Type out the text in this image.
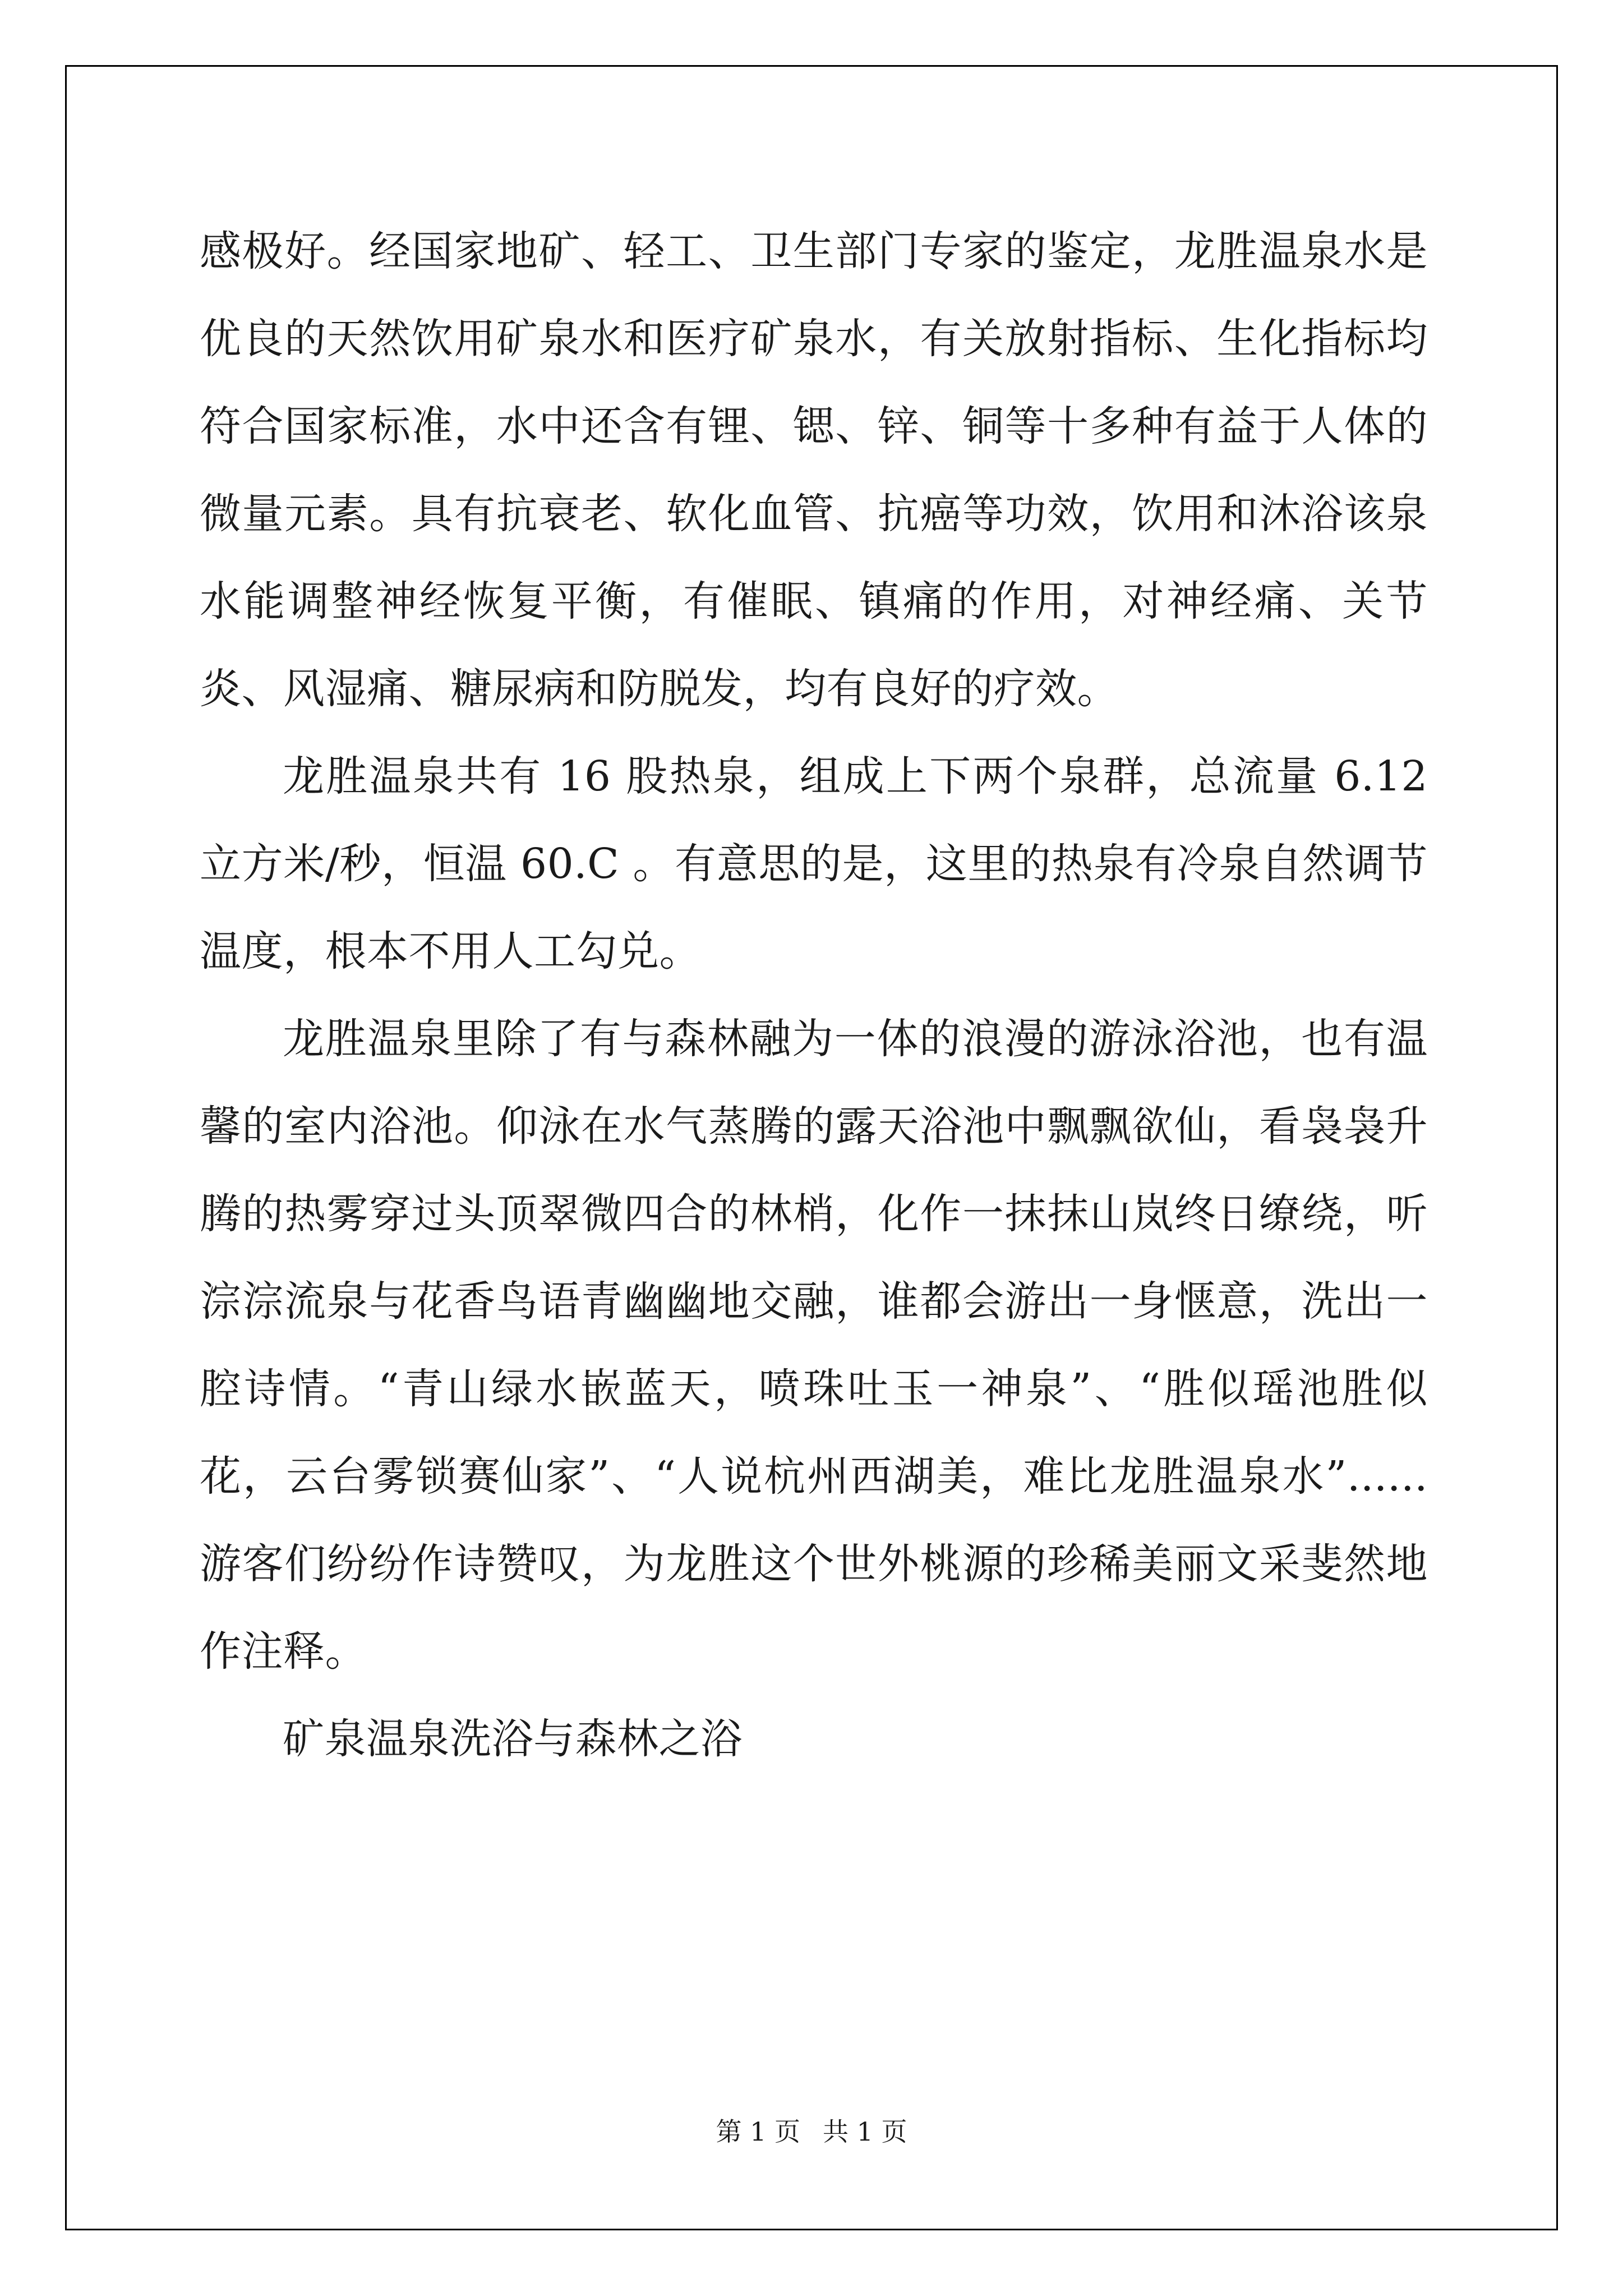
感极好。经国家地矿、轻工、卫生部门专家的鉴定，龙胜温泉水是优良的天然饮用矿泉水和医疗矿泉水，有关放射指标、生化指标均符合国家标准，水中还含有锂、锶、锌、铜等十多种有益于人体的微量元素。具有抗衰老、软化血管、抗癌等功效，饮用和沐浴该泉水能调整神经恢复平衡，有催眠、镇痛的作用，对神经痛、关节炎、风湿痛、糖尿病和防脱发，均有良好的疗效。

龙胜温泉共有 16 股热泉，组成上下两个泉群，总流量 6.12 立方米/秒，恒温 60.C 。有意思的是，这里的热泉有冷泉自然调节温度，根本不用人工勾兑。

龙胜温泉里除了有与森林融为一体的浪漫的游泳浴池，也有温馨的室内浴池。仰泳在水气蒸腾的露天浴池中飘飘欲仙，看袅袅升腾的热雾穿过头顶翠微四合的林梢，化作一抹抹山岚终日缭绕，听淙淙流泉与花香鸟语青幽幽地交融，谁都会游出一身惬意，洗出一腔诗情。“青山绿水嵌蓝天，喷珠吐玉一神泉”、“胜似瑶池胜似花，云台雾锁赛仙家”、“人说杭州西湖美，难比龙胜温泉水”......游客们纷纷作诗赞叹，为龙胜这个世外桃源的珍稀美丽文采斐然地作注释。

矿泉温泉洗浴与森林之浴

第 1 页 共 1 页
